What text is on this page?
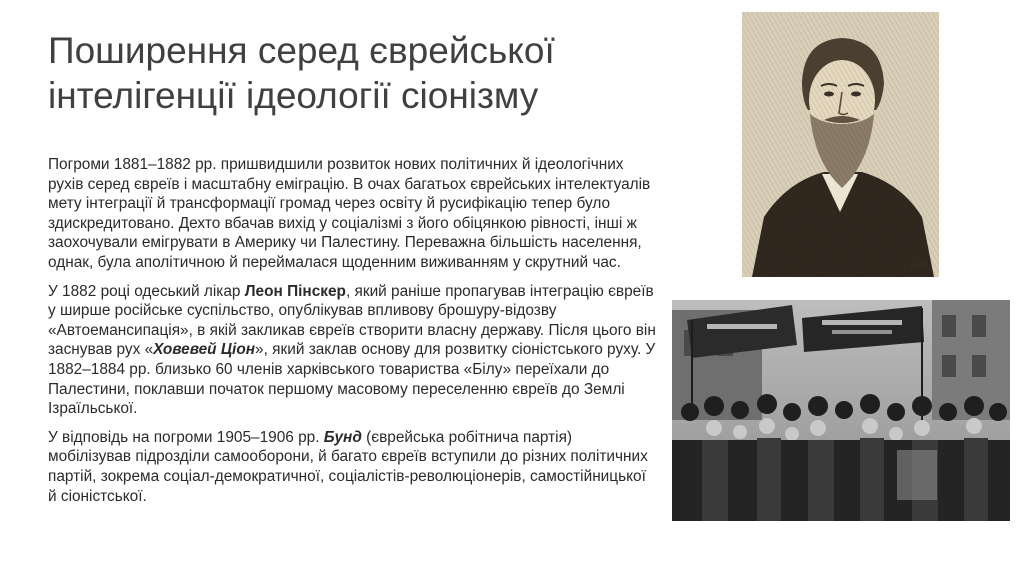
Поширення серед єврейської
інтелігенції ідеології сіонізму

Погроми 1881–1882 рр. пришвидшили розвиток нових політичних й ідеологічних рухів серед євреїв і масштабну еміграцію. В очах багатьох єврейських інтелектуалів мету інтеграції й трансформації громад через освіту й русифікацію тепер було здискредитовано. Дехто вбачав вихід у соціалізмі з його обіцянкою рівності, інші ж заохочували емігрувати в Америку чи Палестину. Переважна більшість населення, однак, була аполітичною й переймалася щоденним виживанням у скрутний час.

У 1882 році одеський лікар Леон Пінскер, який раніше пропагував інтеграцію євреїв у ширше російське суспільство, опублікував впливову брошуру-відозву «Автоемансипація», в якій закликав євреїв створити власну державу. Після цього він заснував рух «Ховевей Ціон», який заклав основу для розвитку сіоністського руху. У 1882–1884 рр. близько 60 членів харківського товариства «Білу» переїхали до Палестини, поклавши початок першому масовому переселенню євреїв до Землі Ізраїльської.

У відповідь на погроми 1905–1906 рр. Бунд (єврейська робітнича партія) мобілізував підрозділи самооборони, й багато євреїв вступили до різних політичних партій, зокрема соціал-демократичної, соціалістів-революціонерів, самостійницької й сіоністської.

Ю.Р.
